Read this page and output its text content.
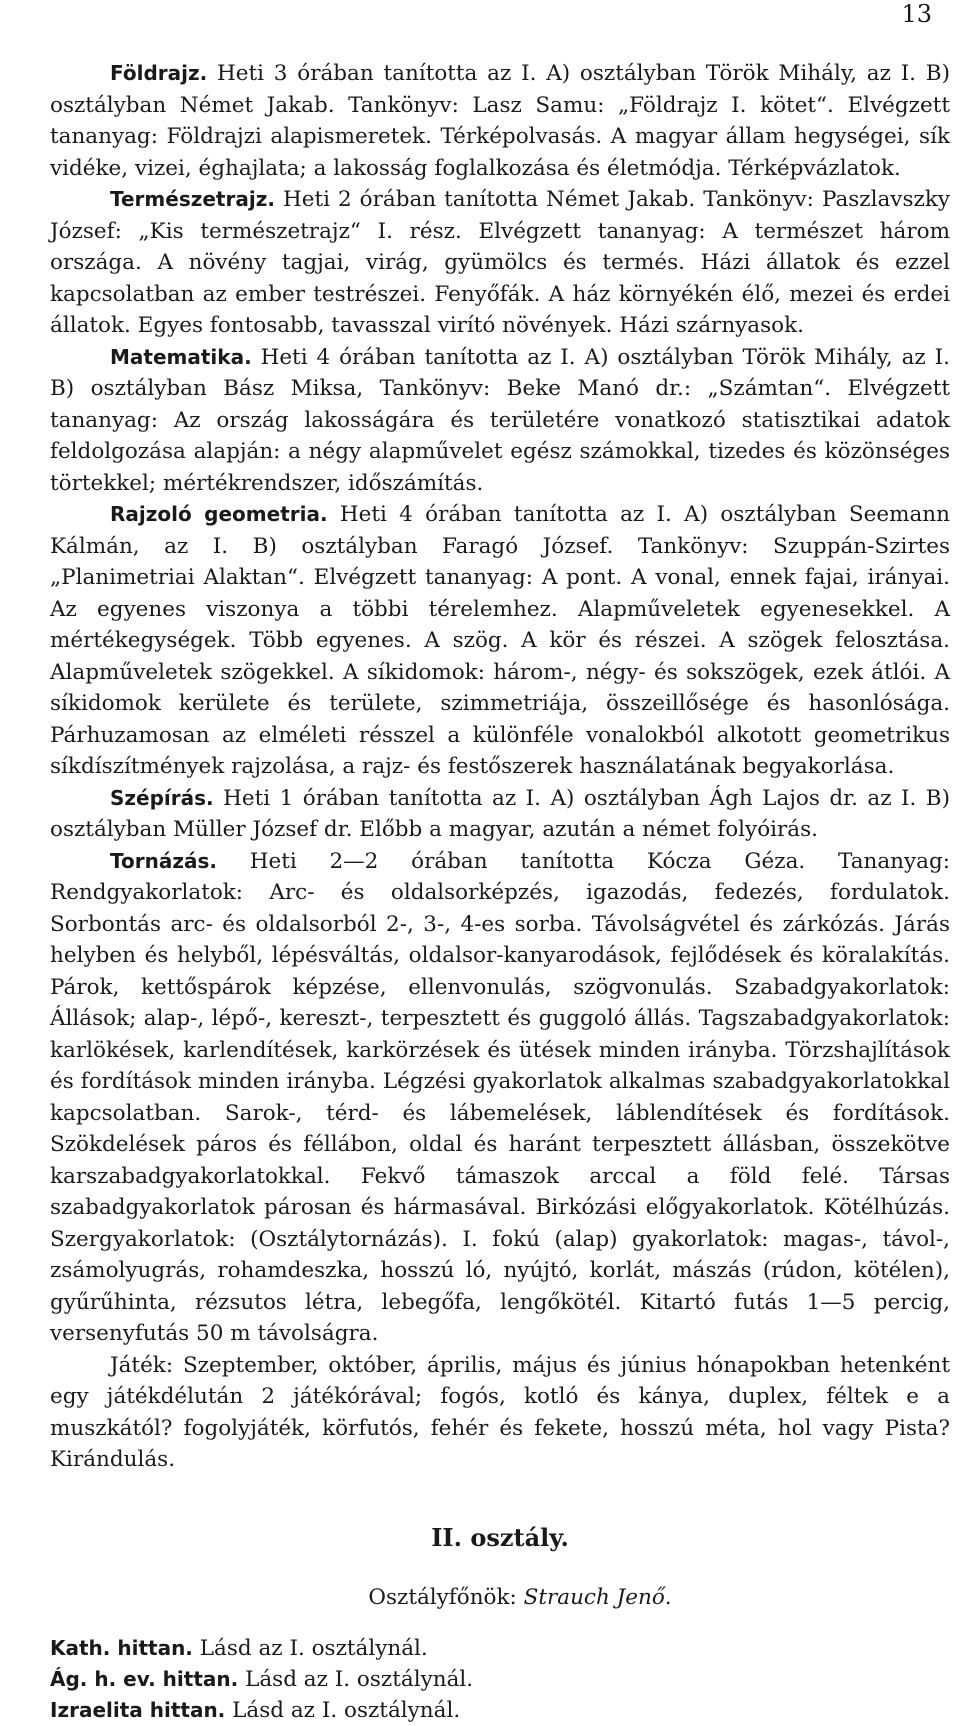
13

Földrajz. Heti 3 órában tanította az I. A) osztályban Török Mihály, az I. B) osztályban Német Jakab. Tankönyv: Lasz Samu: „Földrajz I. kötet“. Elvégzett tananyag: Földrajzi alapismeretek. Térképolvasás. A magyar állam hegységei, sík vidéke, vizei, éghajlata; a lakosság foglalkozása és életmódja. Térképvázlatok.

Természetrajz. Heti 2 órában tanította Német Jakab. Tankönyv: Paszlavszky József: „Kis természetrajz“ I. rész. Elvégzett tananyag: A természet három országa. A növény tagjai, virág, gyümölcs és termés. Házi állatok és ezzel kapcsolatban az ember testrészei. Fenyőfák. A ház környékén élő, mezei és erdei állatok. Egyes fontosabb, tavasszal virító növények. Házi szárnyasok.

Matematika. Heti 4 órában tanította az I. A) osztályban Török Mihály, az I. B) osztályban Bász Miksa, Tankönyv: Beke Manó dr.: „Számtan“. Elvégzett tananyag: Az ország lakosságára és területére vonatkozó statisztikai adatok feldolgozása alapján: a négy alapművelet egész számokkal, tizedes és közönséges törtekkel; mértékrendszer, időszámítás.

Rajzoló geometria. Heti 4 órában tanította az I. A) osztályban Seemann Kálmán, az I. B) osztályban Faragó József. Tankönyv: Szuppán-Szirtes „Planimetriai Alaktan“. Elvégzett tananyag: A pont. A vonal, ennek fajai, irányai. Az egyenes viszonya a többi térelemhez. Alapműveletek egyenesekkel. A mértékegységek. Több egyenes. A szög. A kör és részei. A szögek felosztása. Alapműveletek szögekkel. A síkidomok: három-, négy- és sokszögek, ezek átlói. A síkidomok kerülete és területe, szimmetriája, összeillősége és hasonlósága. Párhuzamosan az elméleti résszel a különféle vonalokból alkotott geometrikus síkdíszítmények rajzolása, a rajz- és festőszerek használatának begyakorlása.

Szépírás. Heti 1 órában tanította az I. A) osztályban Ágh Lajos dr. az I. B) osztályban Müller József dr. Előbb a magyar, azután a német folyóirás.

Tornázás. Heti 2—2 órában tanította Kócza Géza. Tananyag: Rendgyakorlatok: Arc- és oldalsorképzés, igazodás, fedezés, fordulatok. Sorbontás arc- és oldalsorból 2-, 3-, 4-es sorba. Távolságvétel és zárkózás. Járás helyben és helyből, lépésváltás, oldalsor-kanyarodások, fejlődések és köralakítás. Párok, kettőspárok képzése, ellenvonulás, szögvonulás. Szabadgyakorlatok: Állások; alap-, lépő-, kereszt-, terpesztett és guggoló állás. Tagszabadgyakorlatok: karlökések, karlendítések, karkörzések és ütések minden irányba. Törzshajlítások és fordítások minden irányba. Légzési gyakorlatok alkalmas szabadgyakorlatokkal kapcsolatban. Sarok-, térd- és lábemelések, láblendítések és fordítások. Szökdelések páros és féllábon, oldal és haránt terpesztett állásban, összekötve karszabadgyakorlatokkal. Fekvő támaszok arccal a föld felé. Társas szabadgyakorlatok párosan és hármasával. Birkózási előgyakorlatok. Kötélhúzás. Szergyakorlatok: (Osztálytornázás). I. fokú (alap) gyakorlatok: magas-, távol-, zsámolyugrás, rohamdeszka, hosszú ló, nyújtó, korlát, mászás (rúdon, kötélen), gyűrűhinta, rézsutos létra, lebegőfa, lengőkötél. Kitartó futás 1—5 percig, versenyfutás 50 m távolságra.

Játék: Szeptember, október, április, május és június hónapokban hetenként egy játékdélután 2 játékórával; fogós, kotló és kánya, duplex, féltek e a muszkától? fogolyjáték, körfutós, fehér és fekete, hosszú méta, hol vagy Pista? Kirándulás.

II. osztály.

Osztályfőnök: Strauch Jenő.

Kath. hittan. Lásd az I. osztálynál.

Ág. h. ev. hittan. Lásd az I. osztálynál.

Izraelita hittan. Lásd az I. osztálynál.
